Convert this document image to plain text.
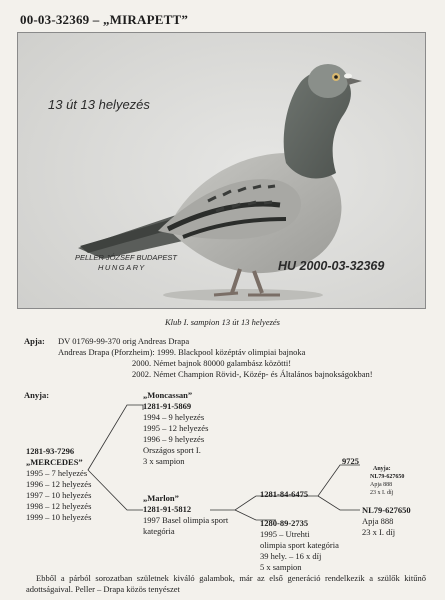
00-03-32369 – „MIRAPETT”
13 út 13 helyezés
PELLER JÓZSEF BUDAPEST
HUNGARY	HU 2000-03-32369
Klub I. sampion 13 út 13 helyezés
Apja: DV 01769-99-370 orig Andreas Drapa
Andreas Drapa (Pforzheim): 1999. Blackpool középtáv olimpiai bajnoka
2000. Német bajnok 80000 galambász közötti!
2002. Német Champion Rövid-, Közép- és Általános bajnokságokban!
Anyja:
1281-93-7296
„MERCEDES”
1995 – 7 helyezés
1996 – 12 helyezés
1997 – 10 helyezés
1998 – 12 helyezés
1999 – 10 helyezés
„Moncassan”
1281-91-5869
1994 – 9 helyezés
1995 – 12 helyezés
1996 – 9 helyezés
Országos sport I.
3 x sampion
„Marlon”
1281-91-5812
1997 Basel olimpia sport
kategória
1281-84-6475
1280-89-2735
1995 – Utrehti
olimpia sport kategória
39 hely. – 16 x díj
5 x sampion
9725
Anyja:
NL79-627650
Apja 888
23 x I. díj
NL79-627650
Apja 888
23 x I. díj
Ebből a párból sorozatban születnek kiváló galambok, már az első generáció rendelkezik a szülők kitűnő adottságaival. Peller – Drapa közös tenyészet
